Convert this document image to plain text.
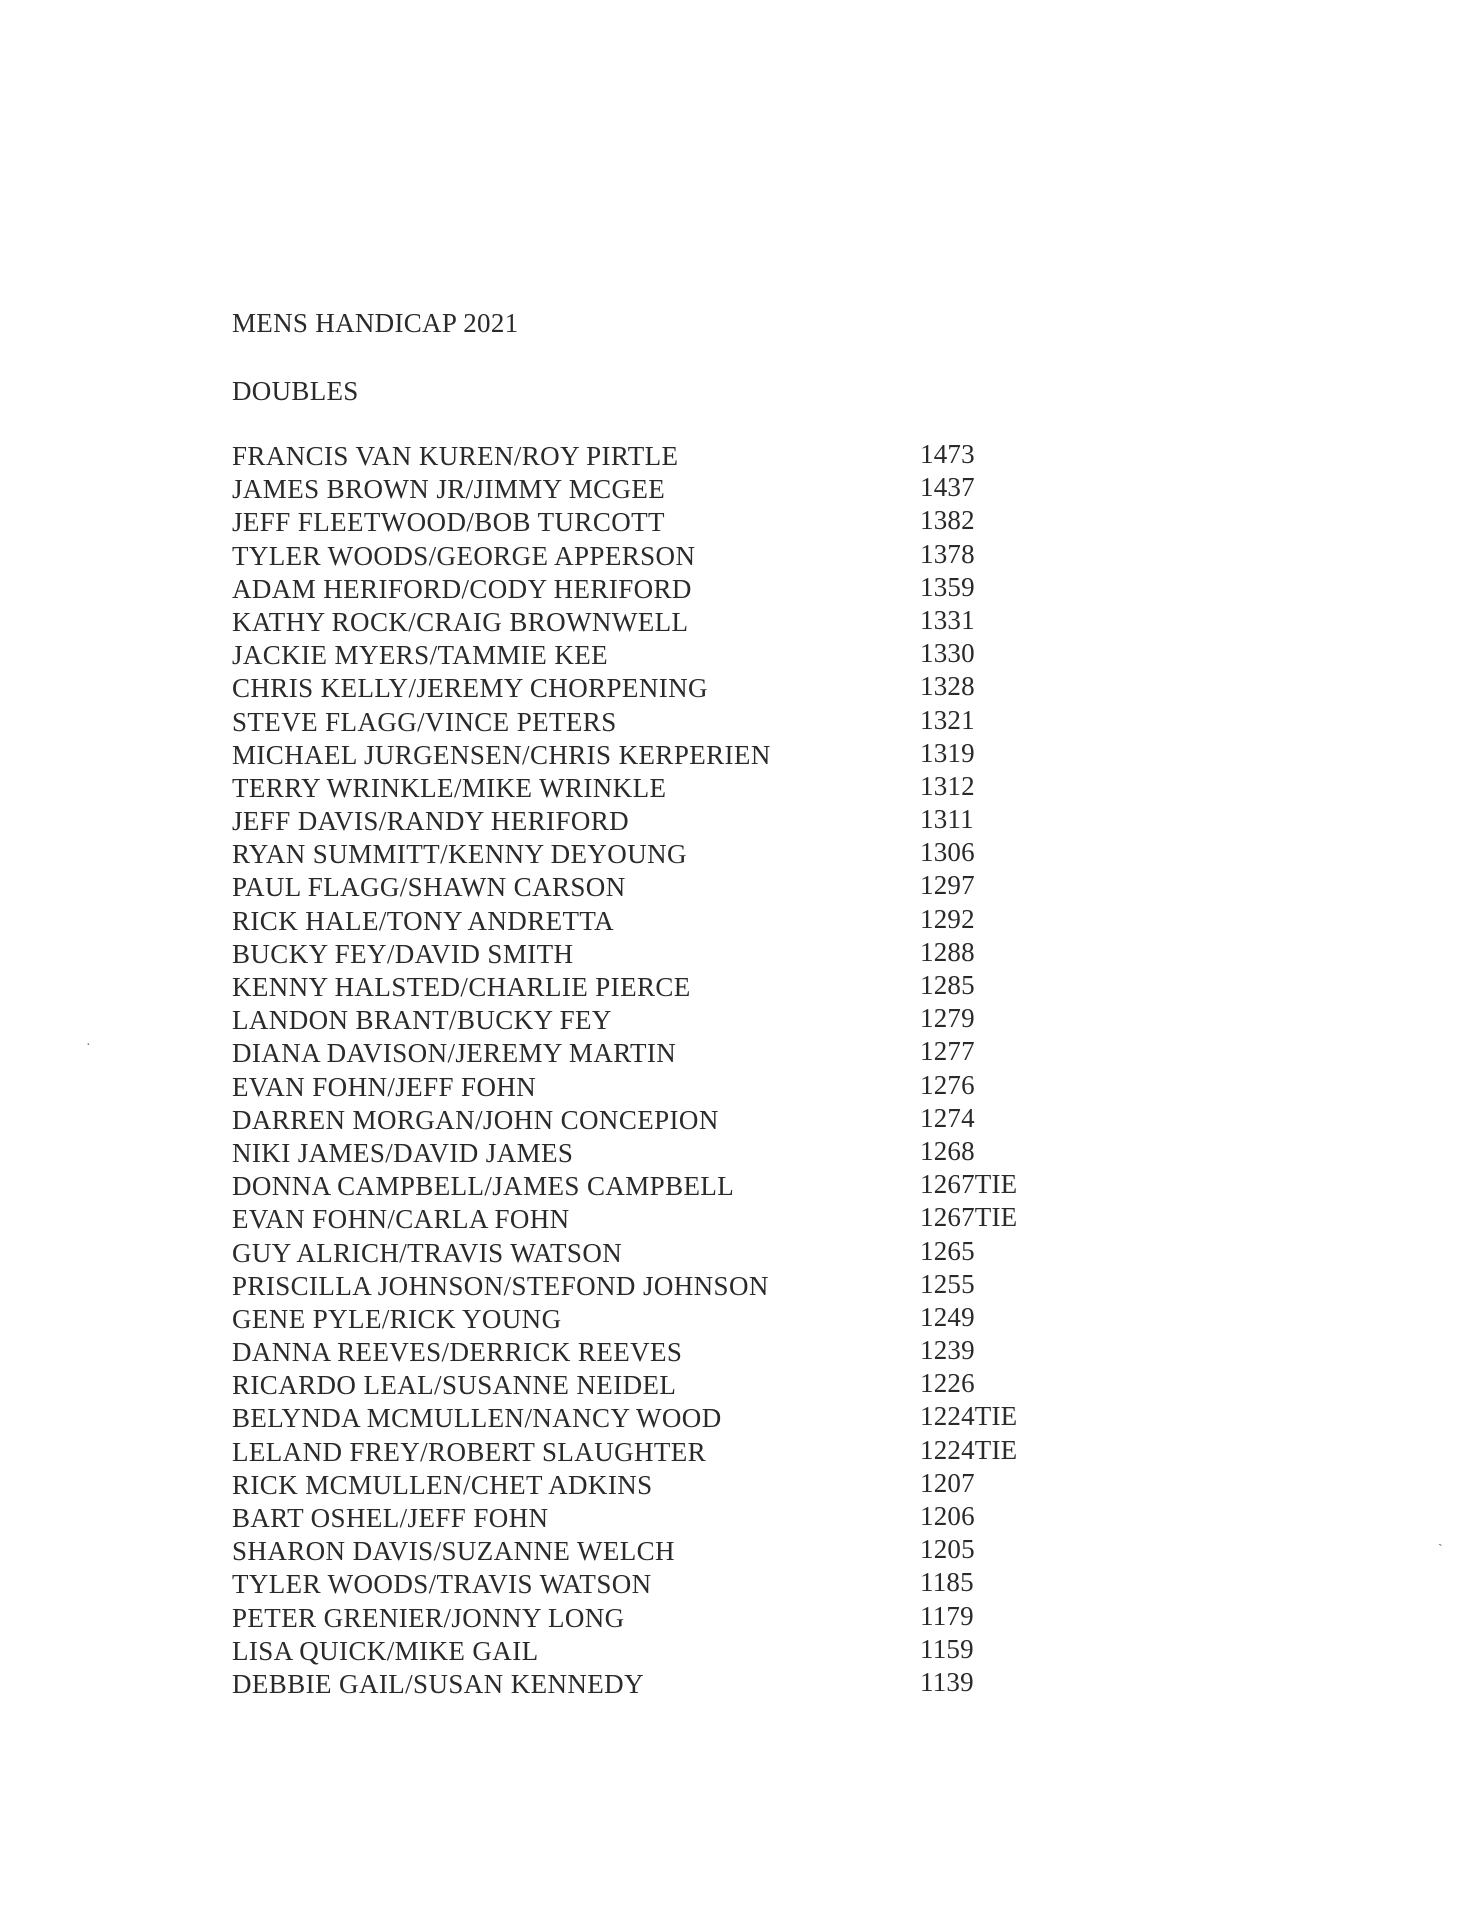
MENS HANDICAP 2021
DOUBLES
FRANCIS VAN KUREN/ROY PIRTLE	1473
JAMES BROWN JR/JIMMY MCGEE	1437
JEFF FLEETWOOD/BOB TURCOTT	1382
TYLER WOODS/GEORGE APPERSON	1378
ADAM HERIFORD/CODY HERIFORD	1359
KATHY ROCK/CRAIG BROWNWELL	1331
JACKIE MYERS/TAMMIE KEE	1330
CHRIS KELLY/JEREMY CHORPENING	1328
STEVE FLAGG/VINCE PETERS	1321
MICHAEL JURGENSEN/CHRIS KERPERIEN	1319
TERRY WRINKLE/MIKE WRINKLE	1312
JEFF DAVIS/RANDY HERIFORD	1311
RYAN SUMMITT/KENNY DEYOUNG	1306
PAUL FLAGG/SHAWN CARSON	1297
RICK HALE/TONY ANDRETTA	1292
BUCKY FEY/DAVID SMITH	1288
KENNY HALSTED/CHARLIE PIERCE	1285
LANDON BRANT/BUCKY FEY	1279
DIANA DAVISON/JEREMY MARTIN	1277
EVAN FOHN/JEFF FOHN	1276
DARREN MORGAN/JOHN CONCEPION	1274
NIKI JAMES/DAVID JAMES	1268
DONNA CAMPBELL/JAMES CAMPBELL	1267TIE
EVAN FOHN/CARLA FOHN	1267TIE
GUY ALRICH/TRAVIS WATSON	1265
PRISCILLA JOHNSON/STEFOND JOHNSON	1255
GENE PYLE/RICK YOUNG	1249
DANNA REEVES/DERRICK REEVES	1239
RICARDO LEAL/SUSANNE NEIDEL	1226
BELYNDA MCMULLEN/NANCY WOOD	1224TIE
LELAND FREY/ROBERT SLAUGHTER	1224TIE
RICK MCMULLEN/CHET ADKINS	1207
BART OSHEL/JEFF FOHN	1206
SHARON DAVIS/SUZANNE WELCH	1205
TYLER WOODS/TRAVIS WATSON	1185
PETER GRENIER/JONNY LONG	1179
LISA QUICK/MIKE GAIL	1159
DEBBIE GAIL/SUSAN KENNEDY	1139
·
ˏ
